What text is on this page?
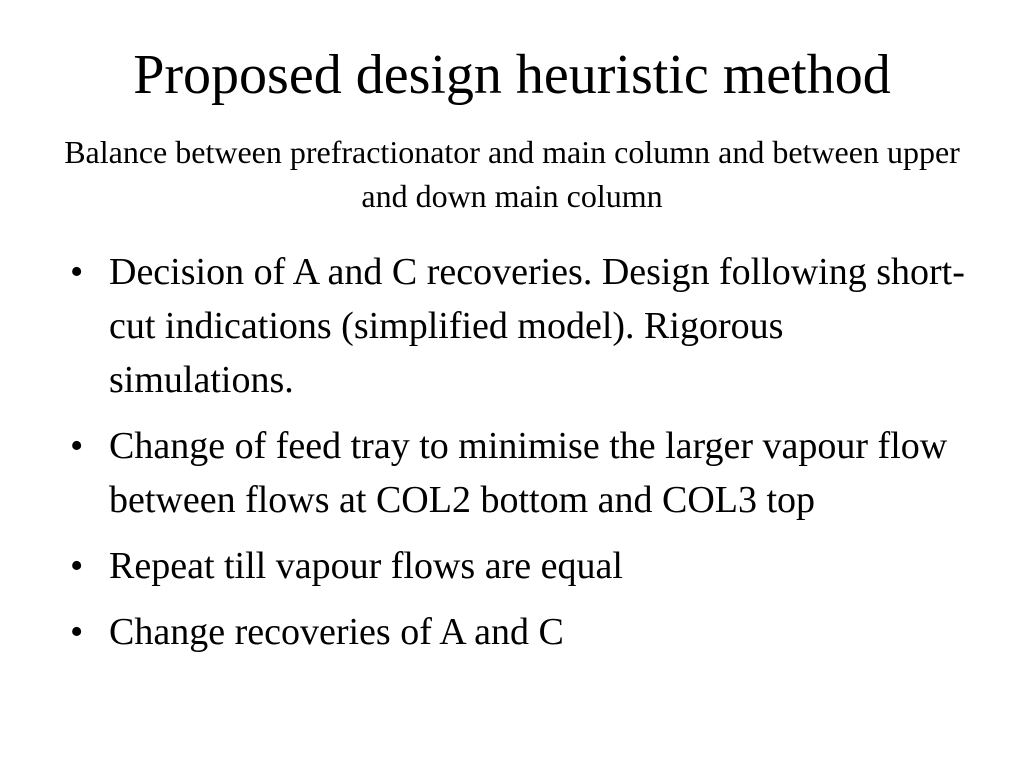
Proposed design heuristic method

Balance between prefractionator and main column and between upper and down main column

• Decision of A and C recoveries. Design following short-cut indications (simplified model). Rigorous simulations.
• Change of feed tray to minimise the larger vapour flow between flows at COL2 bottom and COL3 top
• Repeat till vapour flows are equal
• Change recoveries of A and C
